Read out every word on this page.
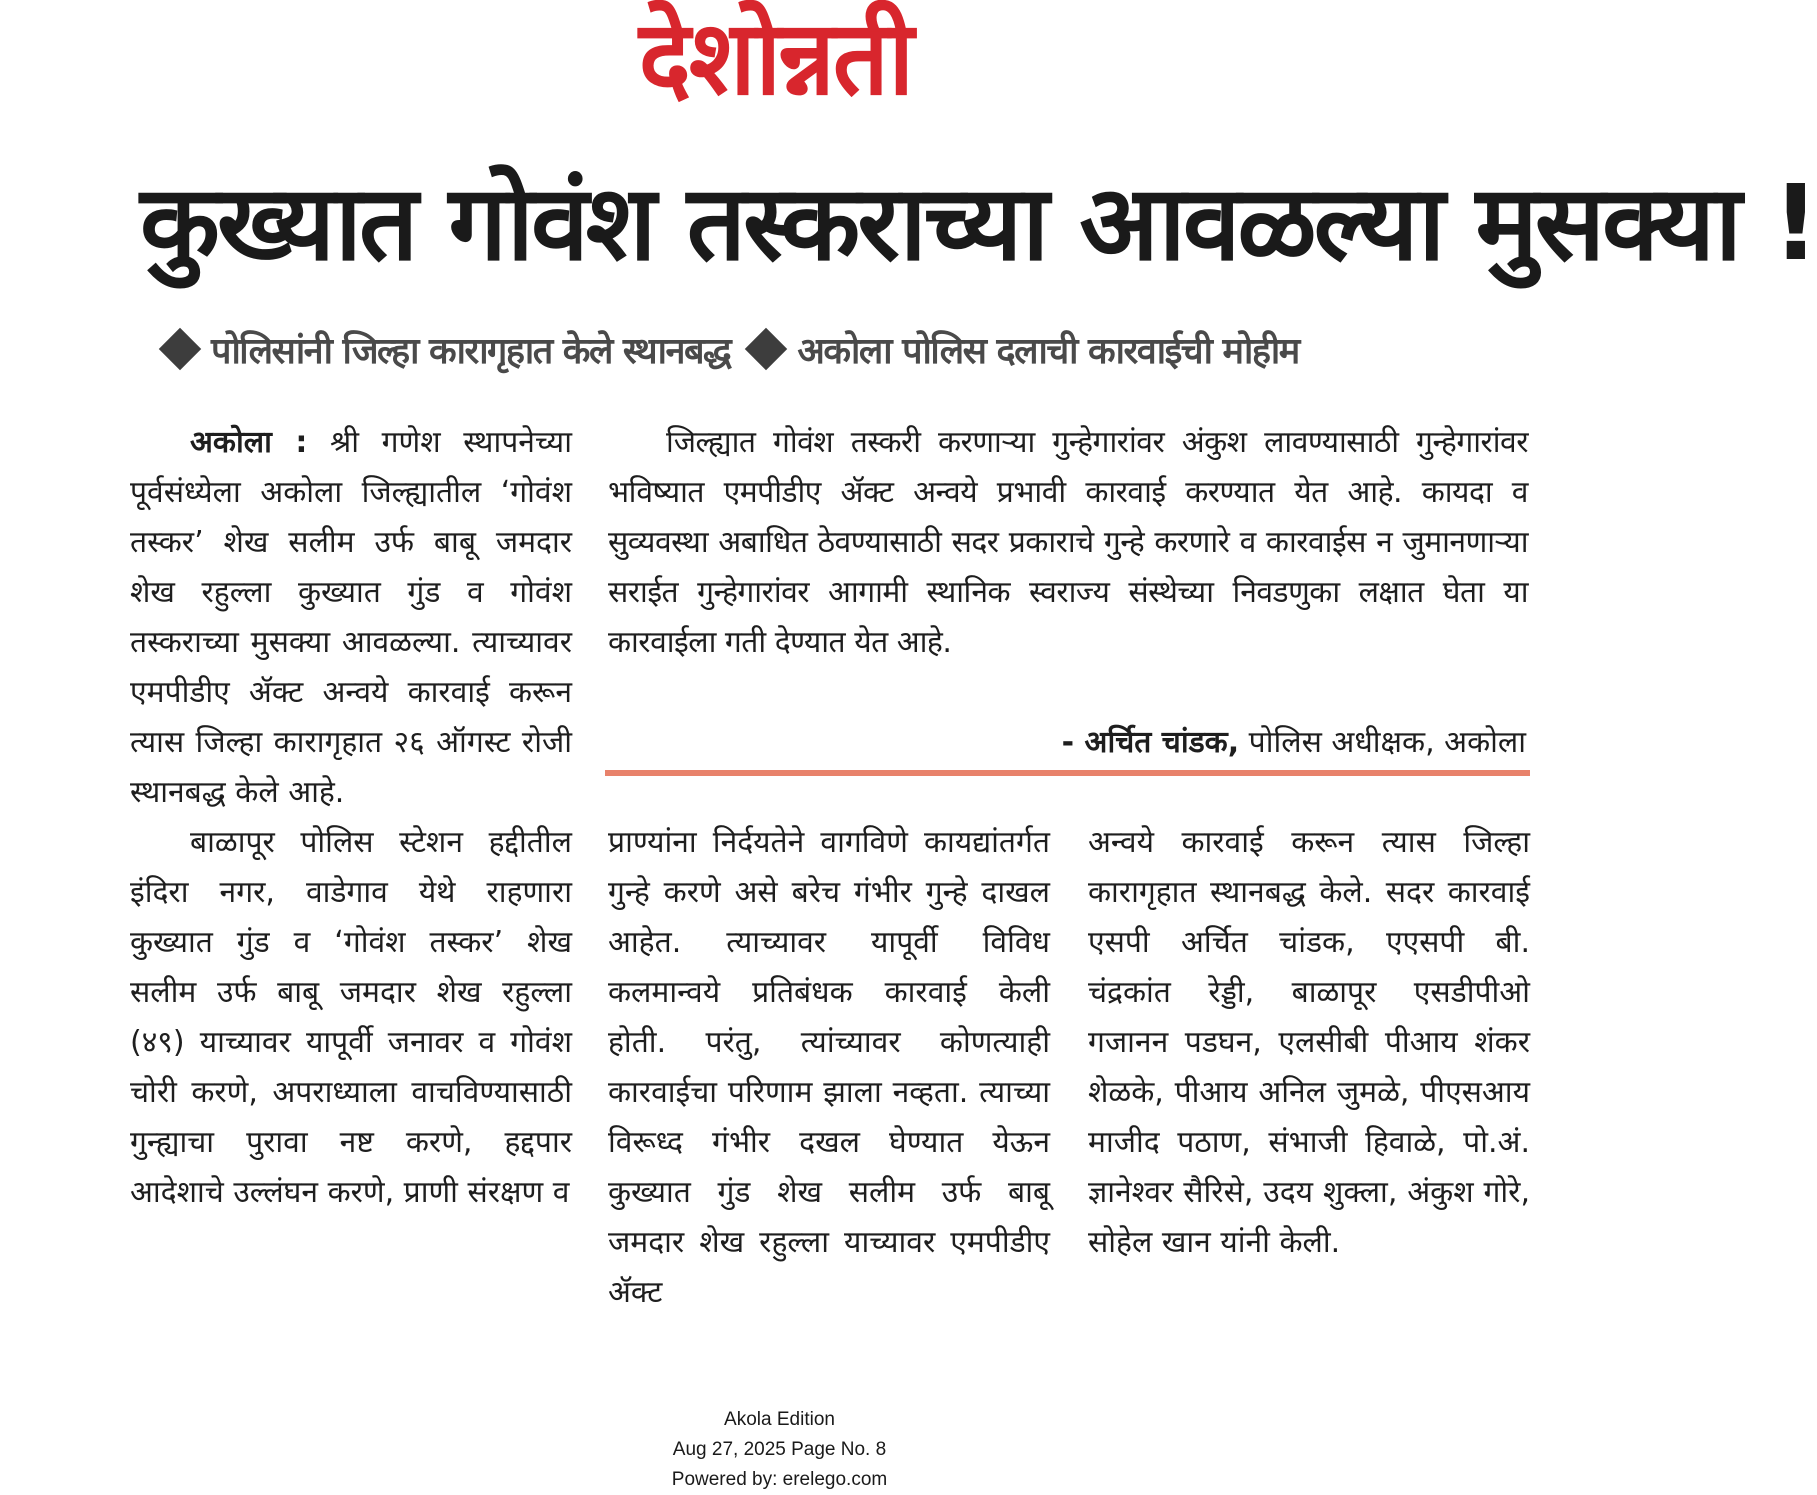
देशोन्नती
कुख्यात गोवंश तस्कराच्या आवळल्या मुसक्या !
पोलिसांनी जिल्हा कारागृहात केले स्थानबद्ध अकोला पोलिस दलाची कारवाईची मोहीम

अकोला : श्री गणेश स्थापनेच्या पूर्वसंध्येला अकोला जिल्ह्यातील ‘गोवंश तस्कर’ शेख सलीम उर्फ बाबू जमदार शेख रहुल्ला कुख्यात गुंड व गोवंश तस्कराच्या मुसक्या आवळल्या. त्याच्यावर एमपीडीए ॲक्ट अन्वये कारवाई करून त्यास जिल्हा कारागृहात २६ ऑगस्ट रोजी स्थानबद्ध केले आहे.

बाळापूर पोलिस स्टेशन हद्दीतील इंदिरा नगर, वाडेगाव येथे राहणारा कुख्यात गुंड व ‘गोवंश तस्कर’ शेख सलीम उर्फ बाबू जमदार शेख रहुल्ला (४९) याच्यावर यापूर्वी जनावर व गोवंश चोरी करणे, अपराध्याला वाचविण्यासाठी गुन्ह्याचा पुरावा नष्ट करणे, हद्दपार आदेशाचे उल्लंघन करणे, प्राणी संरक्षण व

जिल्ह्यात गोवंश तस्करी करणाऱ्या गुन्हेगारांवर अंकुश लावण्यासाठी गुन्हेगारांवर भविष्यात एमपीडीए ॲक्ट अन्वये प्रभावी कारवाई करण्यात येत आहे. कायदा व सुव्यवस्था अबाधित ठेवण्यासाठी सदर प्रकाराचे गुन्हे करणारे व कारवाईस न जुमानणाऱ्या सराईत गुन्हेगारांवर आगामी स्थानिक स्वराज्य संस्थेच्या निवडणुका लक्षात घेता या कारवाईला गती देण्यात येत आहे.

- अर्चित चांडक, पोलिस अधीक्षक, अकोला

प्राण्यांना निर्दयतेने वागविणे कायद्यांतर्गत गुन्हे करणे असे बरेच गंभीर गुन्हे दाखल आहेत. त्याच्यावर यापूर्वी विविध कलमान्वये प्रतिबंधक कारवाई केली होती. परंतु, त्यांच्यावर कोणत्याही कारवाईचा परिणाम झाला नव्हता. त्याच्या विरूध्द गंभीर दखल घेण्यात येऊन कुख्यात गुंड शेख सलीम उर्फ बाबू जमदार शेख रहुल्ला याच्यावर एमपीडीए ॲक्ट

अन्वये कारवाई करून त्यास जिल्हा कारागृहात स्थानबद्ध केले. सदर कारवाई एसपी अर्चित चांडक, एएसपी बी. चंद्रकांत रेड्डी, बाळापूर एसडीपीओ गजानन पडघन, एलसीबी पीआय शंकर शेळके, पीआय अनिल जुमळे, पीएसआय माजीद पठाण, संभाजी हिवाळे, पो.अं. ज्ञानेश्वर सैरिसे, उदय शुक्ला, अंकुश गोरे, सोहेल खान यांनी केली.

Akola Edition
Aug 27, 2025 Page No. 8
Powered by: erelego.com
